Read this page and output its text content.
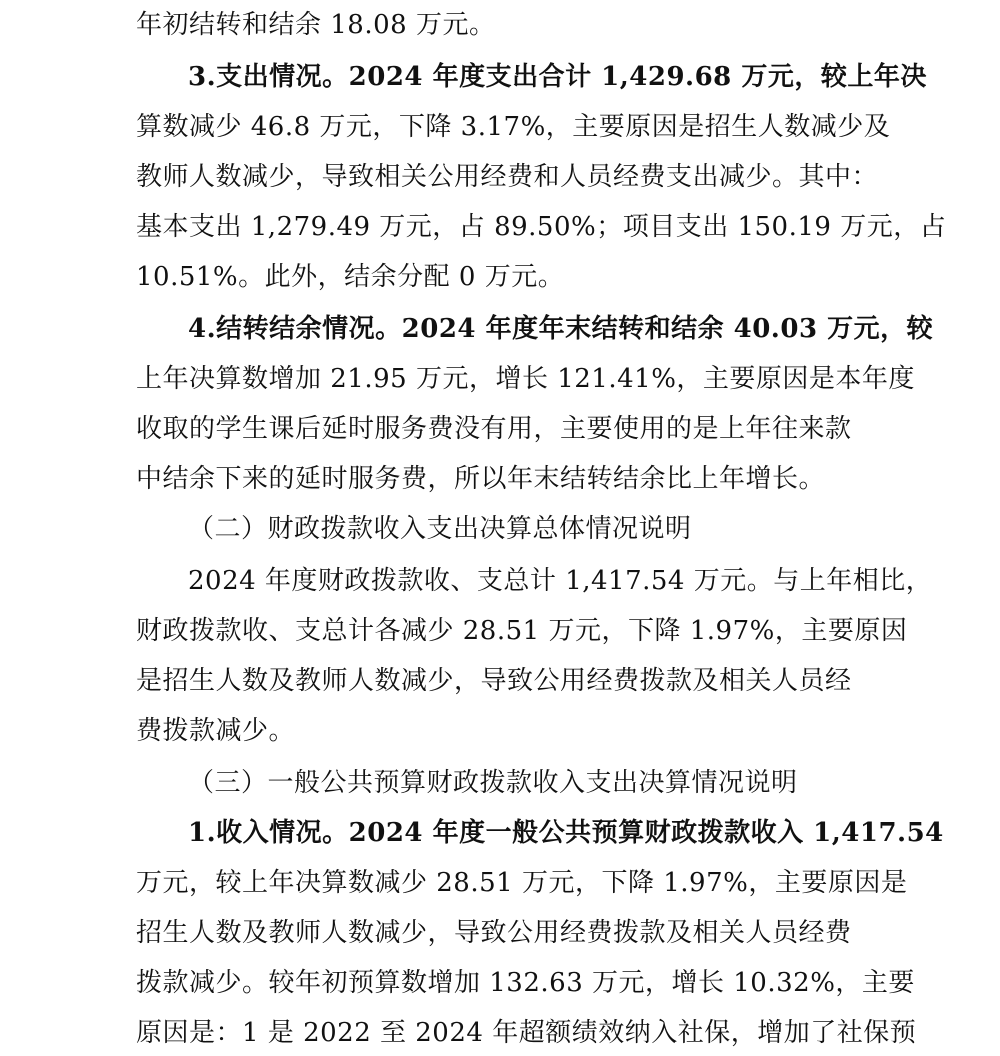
年初结转和结余 18.08 万元。
3.支出情况。2024 年度支出合计 1,429.68 万元，较上年决
算数减少 46.8 万元，下降 3.17%，主要原因是招生人数减少及
教师人数减少，导致相关公用经费和人员经费支出减少。其中：
基本支出 1,279.49 万元，占 89.50%；项目支出 150.19 万元，占
10.51%。此外，结余分配 0 万元。
4.结转结余情况。2024 年度年末结转和结余 40.03 万元，较
上年决算数增加 21.95 万元，增长 121.41%，主要原因是本年度
收取的学生课后延时服务费没有用，主要使用的是上年往来款
中结余下来的延时服务费，所以年末结转结余比上年增长。
（二）财政拨款收入支出决算总体情况说明
2024 年度财政拨款收、支总计 1,417.54 万元。与上年相比，
财政拨款收、支总计各减少 28.51 万元，下降 1.97%，主要原因
是招生人数及教师人数减少，导致公用经费拨款及相关人员经
费拨款减少。
（三）一般公共预算财政拨款收入支出决算情况说明
1.收入情况。2024 年度一般公共预算财政拨款收入 1,417.54
万元，较上年决算数减少 28.51 万元，下降 1.97%，主要原因是
招生人数及教师人数减少，导致公用经费拨款及相关人员经费
拨款减少。较年初预算数增加 132.63 万元，增长 10.32%，主要
原因是：1 是 2022 至 2024 年超额绩效纳入社保，增加了社保预
